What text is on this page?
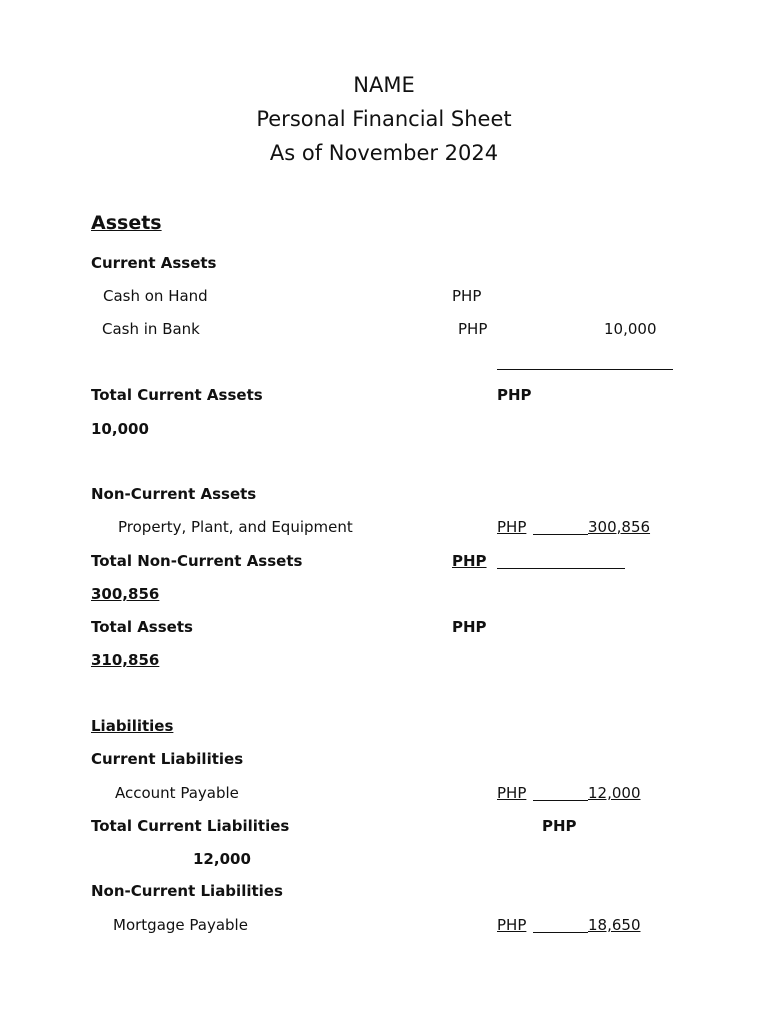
NAME
Personal Financial Sheet
As of November 2024
Assets
Current Assets
Cash on Hand	PHP
Cash in Bank	PHP	10,000
Total Current Assets	PHP
10,000
Non-Current Assets
Property, Plant, and Equipment	PHP	300,856
Total Non-Current Assets	PHP
300,856
Total Assets	PHP
310,856
Liabilities
Current Liabilities
Account Payable	PHP	12,000
Total Current Liabilities	PHP
12,000
Non-Current Liabilities
Mortgage Payable	PHP	18,650
